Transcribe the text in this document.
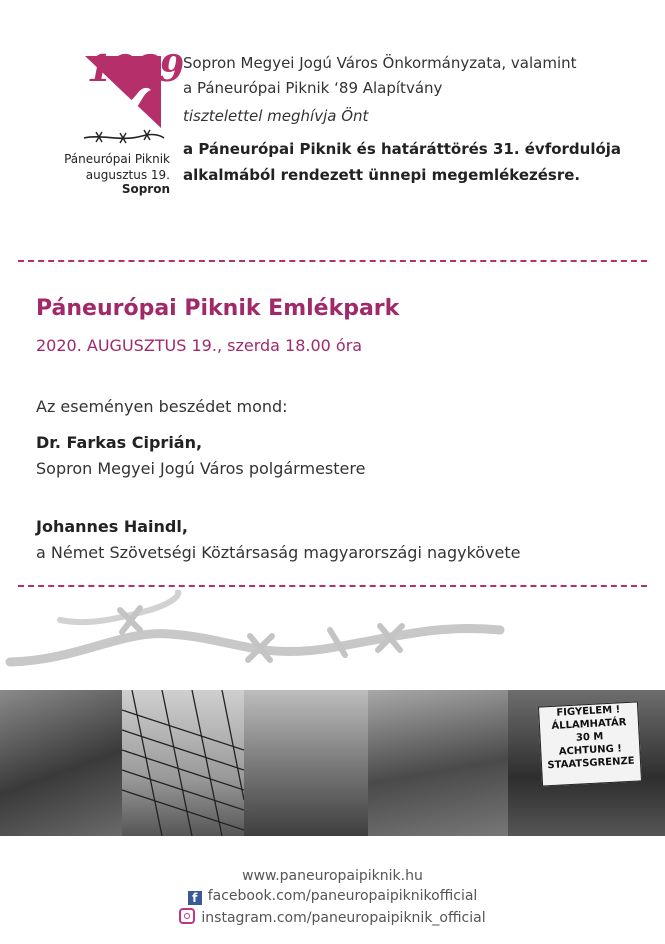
1989
Páneurópai Piknik
augusztus 19. Sopron
Sopron Megyei Jogú Város Önkormányzata, valamint
a Páneurópai Piknik ‘89 Alapítvány
tisztelettel meghívja Önt
a Páneurópai Piknik és határáttörés 31. évfordulója
alkalmából rendezett ünnepi megemlékezésre.
Páneurópai Piknik Emlékpark
2020. AUGUSZTUS 19., szerda 18.00 óra
Az eseményen beszédet mond:
Dr. Farkas Ciprián,
Sopron Megyei Jogú Város polgármestere
Johannes Haindl,
a Német Szövetségi Köztársaság magyarországi nagykövete
FIGYELEM !
ÁLLAMHATÁR
30 M
ACHTUNG !
STAATSGRENZE
www.paneuropaipiknik.hu
f facebook.com/paneuropaipiknikofficial
instagram.com/paneuropaipiknik_official
